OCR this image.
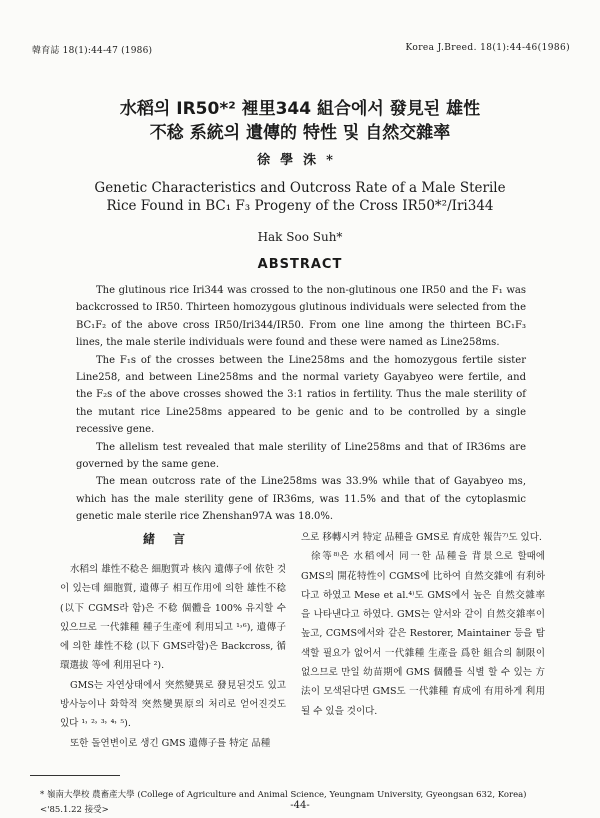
韓育誌 18(1):44-47 (1986)	Korea J.Breed. 18(1):44-46(1986)
水稻의 IR50*² 裡里344 組合에서 發見된 雄性
不稔 系統의 遺傳的 特性 및 自然交雜率
徐學洙*
Genetic Characteristics and Outcross Rate of a Male Sterile
Rice Found in BC₁ F₃ Progeny of the Cross IR50*²/Iri344
Hak Soo Suh*
ABSTRACT

The glutinous rice Iri344 was crossed to the non-glutinous one IR50 and the F₁ was backcrossed to IR50. Thirteen homozygous glutinous individuals were selected from the BC₁F₂ of the above cross IR50/Iri344/IR50. From one line among the thirteen BC₁F₃ lines, the male sterile individuals were found and these were named as Line258ms.

The F₁s of the crosses between the Line258ms and the homozygous fertile sister Line258, and between Line258ms and the normal variety Gayabyeo were fertile, and the F₂s of the above crosses showed the 3:1 ratios in fertility. Thus the male sterility of the mutant rice Line258ms appeared to be genic and to be controlled by a single recessive gene.

The allelism test revealed that male sterility of Line258ms and that of IR36ms are governed by the same gene.

The mean outcross rate of the Line258ms was 33.9% while that of Gayabyeo ms, which has the male sterility gene of IR36ms, was 11.5% and that of the cytoplasmic genetic male sterile rice Zhenshan97A was 18.0%.

緒言

水稻의 雄性不稔은 細胞質과 核內 遺傳子에 依한 것이 있는데 細胞質, 遺傳子 相互作用에 의한 雄性不稔 (以下 CGMS라 함)은 不稔 個體을 100% 유지할 수 있으므로 一代雜種 種子生產에 利用되고 ¹˒⁶), 遺傳子에 의한 雄性不稔 (以下 GMS라함)은 Backcross, 循環選拔 等에 利用된다 ²).

GMS는 자연상태에서 突然變異로 發見된것도 있고 방사능이나 화학적 突然變異原의 처리로 얻어진것도 있다 ¹˒ ²˒ ³˒ ⁴˒ ⁵).

또한 돌연변이로 생긴 GMS 遺傳子를 特定 品種

으로 移轉시켜 特定 品種을 GMS로 育成한 報告⁷⁾도 있다.

徐等⁸⁾은 水稻에서 同一한 品種을 背景으로 할때에 GMS의 開花特性이 CGMS에 比하여 自然交雜에 有利하다고 하였고 Mese et al.⁴⁾도 GMS에서 높은 自然交雜率을 나타낸다고 하였다. GMS는 알서와 같이 自然交雜率이 높고, CGMS에서와 같은 Restorer, Maintainer 등을 탐색할 필요가 없어서 一代雜種 生產을 爲한 組合의 制限이 없으므로 만일 幼苗期에 GMS 個體를 식별 할 수 있는 方法이 모색된다면 GMS도 一代雜種 育成에 有用하게 利用될 수 있을 것이다.

* 嶺南大學校 農畜產大學 (College of Agriculture and Animal Science, Yeungnam University, Gyeongsan 632, Korea) <'85.1.22 接受>	-44-
